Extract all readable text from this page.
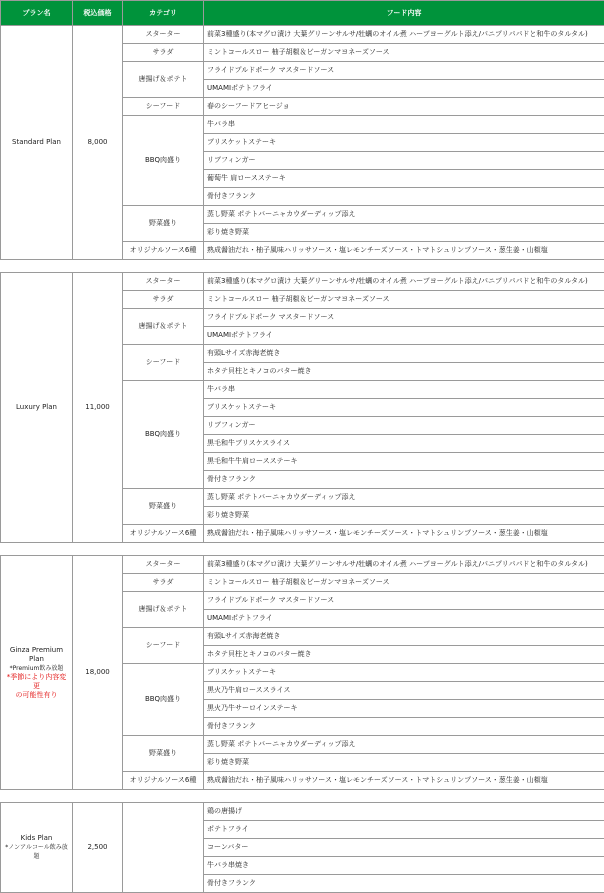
プラン名	税込価格	カテゴリ	フード内容
Standard Plan	8,000	スターター	前菜3種盛り(本マグロ漬け 大葉グリーンサルサ/牡蠣のオイル煮 ハーブヨーグルト添え/パニプリパパドと和牛のタルタル)
		サラダ	ミントコールスロー 柚子胡椒＆ビーガンマヨネーズソース
		唐揚げ＆ポテト	フライドプルドポーク マスタードソース
			UMAMIポテトフライ
		シーフード	春のシーフードアヒージョ
		BBQ肉盛り	牛バラ串
			ブリスケットステーキ
			リブフィンガー
			葡萄牛 肩ロースステーキ
			骨付きフランク
		野菜盛り	蒸し野菜 ポテトバーニャカウダーディップ添え
			彩り焼き野菜
		オリジナルソース6種	熟成醤油だれ・柚子風味ハリッサソース・塩レモンチーズソース・トマトシュリンプソース・葱生姜・山椒塩

Luxury Plan	11,000	スターター	前菜3種盛り(本マグロ漬け 大葉グリーンサルサ/牡蠣のオイル煮 ハーブヨーグルト添え/パニプリパパドと和牛のタルタル)
		サラダ	ミントコールスロー 柚子胡椒＆ビーガンマヨネーズソース
		唐揚げ＆ポテト	フライドプルドポーク マスタードソース
			UMAMIポテトフライ
		シーフード	有頭Lサイズ赤海老焼き
			ホタテ貝柱とキノコのバター焼き
		BBQ肉盛り	牛バラ串
			ブリスケットステーキ
			リブフィンガー
			黒毛和牛ブリスケスライス
			黒毛和牛牛肩ロースステーキ
			骨付きフランク
		野菜盛り	蒸し野菜 ポテトバーニャカウダーディップ添え
			彩り焼き野菜
		オリジナルソース6種	熟成醤油だれ・柚子風味ハリッサソース・塩レモンチーズソース・トマトシュリンプソース・葱生姜・山椒塩

Ginza Premium Plan
*Premium飲み放題
*季節により内容変更
の可能性有り	18,000	スターター	前菜3種盛り(本マグロ漬け 大葉グリーンサルサ/牡蠣のオイル煮 ハーブヨーグルト添え/パニプリパパドと和牛のタルタル)
		サラダ	ミントコールスロー 柚子胡椒＆ビーガンマヨネーズソース
		唐揚げ＆ポテト	フライドプルドポーク マスタードソース
			UMAMIポテトフライ
		シーフード	有頭Lサイズ赤海老焼き
			ホタテ貝柱とキノコのバター焼き
		BBQ肉盛り	ブリスケットステーキ
			黒火乃牛肩ローススライス
			黒火乃牛サーロインステーキ
			骨付きフランク
		野菜盛り	蒸し野菜 ポテトバーニャカウダーディップ添え
			彩り焼き野菜
		オリジナルソース6種	熟成醤油だれ・柚子風味ハリッサソース・塩レモンチーズソース・トマトシュリンプソース・葱生姜・山椒塩

Kids Plan
*ノンアルコール飲み放題	2,500		鶏の唐揚げ
			ポテトフライ
			コーンバター
			牛バラ串焼き
			骨付きフランク
